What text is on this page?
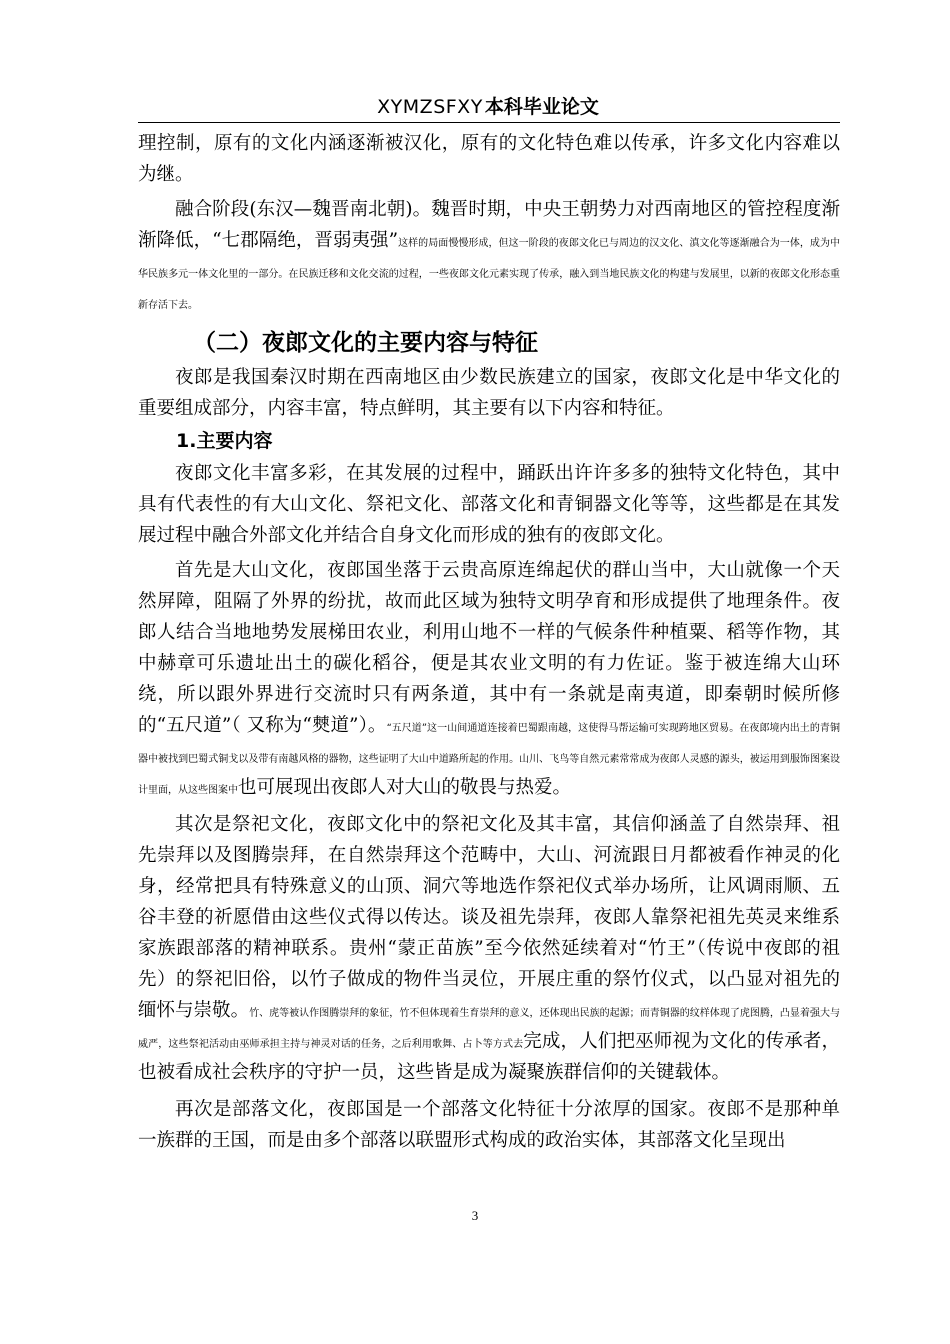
XYMZSFXY 本科毕业论文

理控制，原有的文化内涵逐渐被汉化，原有的文化特色难以传承，许多文化内容难以为继。

融合阶段(东汉—魏晋南北朝)。魏晋时期，中央王朝势力对西南地区的管控程度渐渐降低，“七郡隔绝，晋弱夷强”这样的局面慢慢形成，但这一阶段的夜郎文化已与周边的汉文化、滇文化等逐渐融合为一体，成为中华民族多元一体文化里的一部分。在民族迁移和文化交流的过程，一些夜郎文化元素实现了传承，融入到当地民族文化的构建与发展里，以新的夜郎文化形态重新存活下去。

（二）夜郎文化的主要内容与特征

夜郎是我国秦汉时期在西南地区由少数民族建立的国家，夜郎文化是中华文化的重要组成部分，内容丰富，特点鲜明，其主要有以下内容和特征。

1.主要内容

夜郎文化丰富多彩，在其发展的过程中，踊跃出许许多多的独特文化特色，其中具有代表性的有大山文化、祭祀文化、部落文化和青铜器文化等等，这些都是在其发展过程中融合外部文化并结合自身文化而形成的独有的夜郎文化。

首先是大山文化，夜郎国坐落于云贵高原连绵起伏的群山当中，大山就像一个天然屏障，阻隔了外界的纷扰，故而此区域为独特文明孕育和形成提供了地理条件。夜郎人结合当地地势发展梯田农业，利用山地不一样的气候条件种植粟、稻等作物，其中赫章可乐遗址出土的碳化稻谷，便是其农业文明的有力佐证。鉴于被连绵大山环绕，所以跟外界进行交流时只有两条道，其中有一条就是南夷道，即秦朝时候所修的“五尺道”（ 又称为“僰道”）。“五尺道”这一山间通道连接着巴蜀跟南越，这使得马帮运输可实现跨地区贸易。在夜郎境内出土的青铜器中被找到巴蜀式铜戈以及带有南越风格的器物，这些证明了大山中道路所起的作用。山川、飞鸟等自然元素常常成为夜郎人灵感的源头，被运用到服饰图案设计里面，从这些图案中也可展现出夜郎人对大山的敬畏与热爱。

其次是祭祀文化，夜郎文化中的祭祀文化及其丰富，其信仰涵盖了自然崇拜、祖先崇拜以及图腾崇拜，在自然崇拜这个范畴中，大山、河流跟日月都被看作神灵的化身，经常把具有特殊意义的山顶、洞穴等地选作祭祀仪式举办场所，让风调雨顺、五谷丰登的祈愿借由这些仪式得以传达。谈及祖先崇拜，夜郎人靠祭祀祖先英灵来维系家族跟部落的精神联系。贵州“蒙正苗族”至今依然延续着对“竹王”（传说中夜郎的祖先）的祭祀旧俗，以竹子做成的物件当灵位，开展庄重的祭竹仪式，以凸显对祖先的缅怀与崇敬。竹、虎等被认作图腾崇拜的象征，竹不但体现着生育崇拜的意义，还体现出民族的起源；而青铜器的纹样体现了虎图腾，凸显着强大与威严，这些祭祀活动由巫师承担主持与神灵对话的任务，之后利用歌舞、占卜等方式去完成，人们把巫师视为文化的传承者，也被看成社会秩序的守护一员，这些皆是成为凝聚族群信仰的关键载体。

再次是部落文化，夜郎国是一个部落文化特征十分浓厚的国家。夜郎不是那种单一族群的王国，而是由多个部落以联盟形式构成的政治实体，其部落文化呈现出

3
